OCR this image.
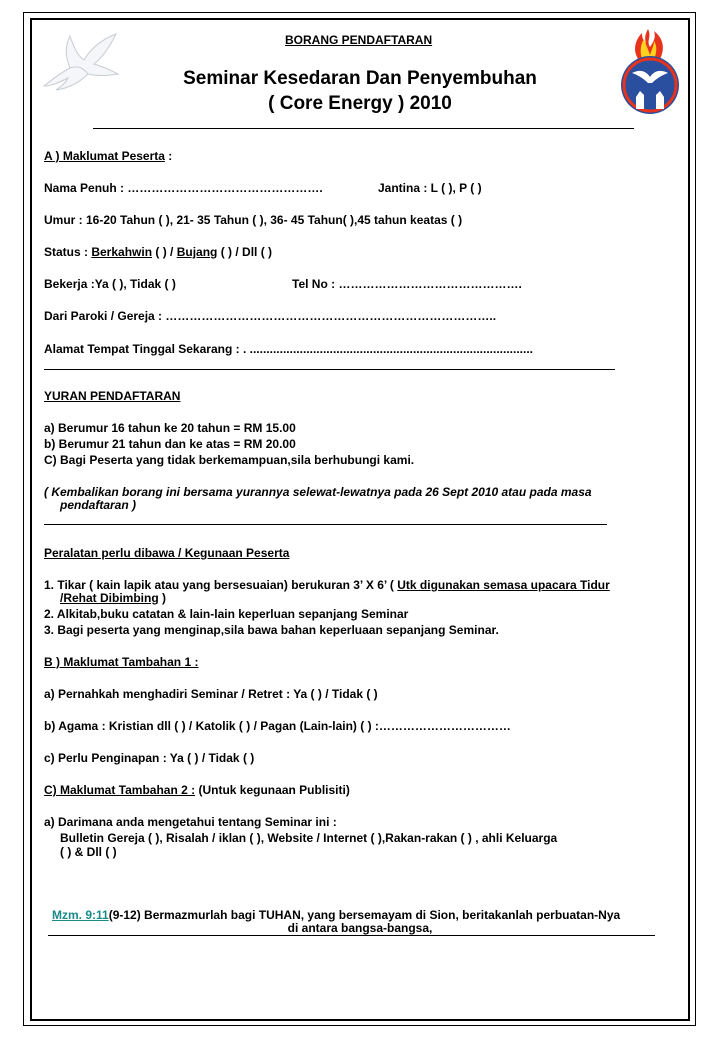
BORANG PENDAFTARAN
Seminar Kesedaran Dan Penyembuhan
( Core Energy ) 2010
A ) Maklumat Peserta :
Nama Penuh : ………………………………………….	Jantina : L ( ), P ( )
Umur : 16-20 Tahun ( ), 21- 35 Tahun ( ), 36- 45 Tahun( ),45 tahun keatas ( )
Status : Berkahwin ( ) / Bujang ( ) / Dll ( )
Bekerja :Ya ( ), Tidak ( )	Tel No : ……………………………………….
Dari Paroki / Gereja : ………………………………………………………………………..
Alamat Tempat Tinggal Sekarang : . .....................................................................................
YURAN PENDAFTARAN
a) Berumur 16 tahun ke 20 tahun = RM 15.00
b) Berumur 21 tahun dan ke atas = RM 20.00
C) Bagi Peserta yang tidak berkemampuan,sila berhubungi kami.
( Kembalikan borang ini bersama yurannya selewat-lewatnya pada 26 Sept 2010 atau pada masa
pendaftaran )
Peralatan perlu dibawa / Kegunaan Peserta
1. Tikar ( kain lapik atau yang bersesuaian) berukuran 3’ X 6’ ( Utk digunakan semasa upacara Tidur
/Rehat Dibimbing )
2. Alkitab,buku catatan & lain-lain keperluan sepanjang Seminar
3. Bagi peserta yang menginap,sila bawa bahan keperluaan sepanjang Seminar.
B ) Maklumat Tambahan 1 :
a) Pernahkah menghadiri Seminar / Retret : Ya ( ) / Tidak ( )
b) Agama : Kristian dll ( ) / Katolik ( ) / Pagan (Lain-lain) ( ) :……………………………
c) Perlu Penginapan : Ya ( ) / Tidak ( )
C) Maklumat Tambahan 2 : (Untuk kegunaan Publisiti)
a) Darimana anda mengetahui tentang Seminar ini :
Bulletin Gereja ( ), Risalah / iklan ( ), Website / Internet ( ),Rakan-rakan ( ) , ahli Keluarga
( ) & Dll ( )
Mzm. 9:11(9-12) Bermazmurlah bagi TUHAN, yang bersemayam di Sion, beritakanlah perbuatan-Nya
di antara bangsa-bangsa,
